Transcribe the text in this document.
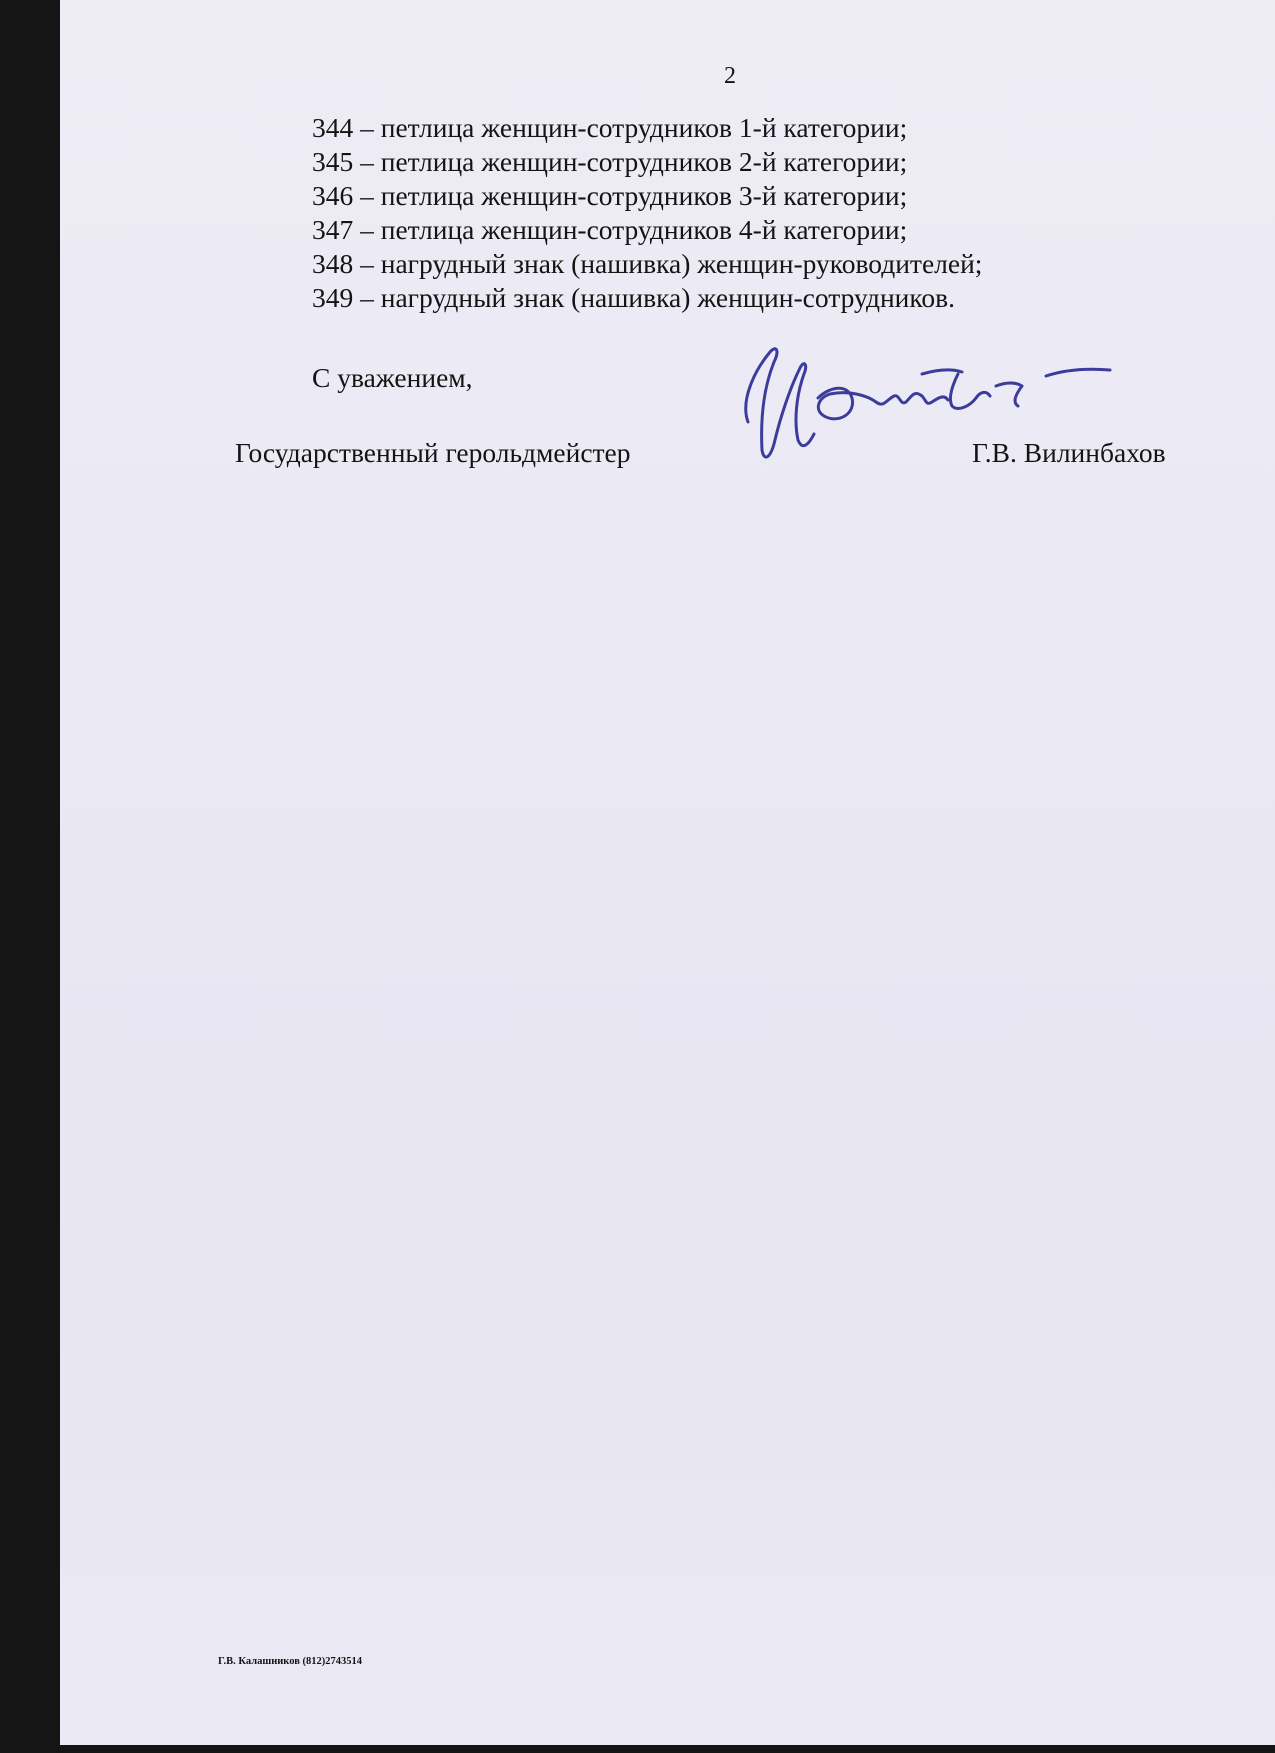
2
344 – петлица женщин-сотрудников 1-й категории;
345 – петлица женщин-сотрудников 2-й категории;
346 – петлица женщин-сотрудников 3-й категории;
347 – петлица женщин-сотрудников 4-й категории;
348 – нагрудный знак (нашивка) женщин-руководителей;
349 – нагрудный знак (нашивка) женщин-сотрудников.
С уважением,
Государственный герольдмейстер	Г.В. Вилинбахов
Г.В. Калашников (812)2743514
